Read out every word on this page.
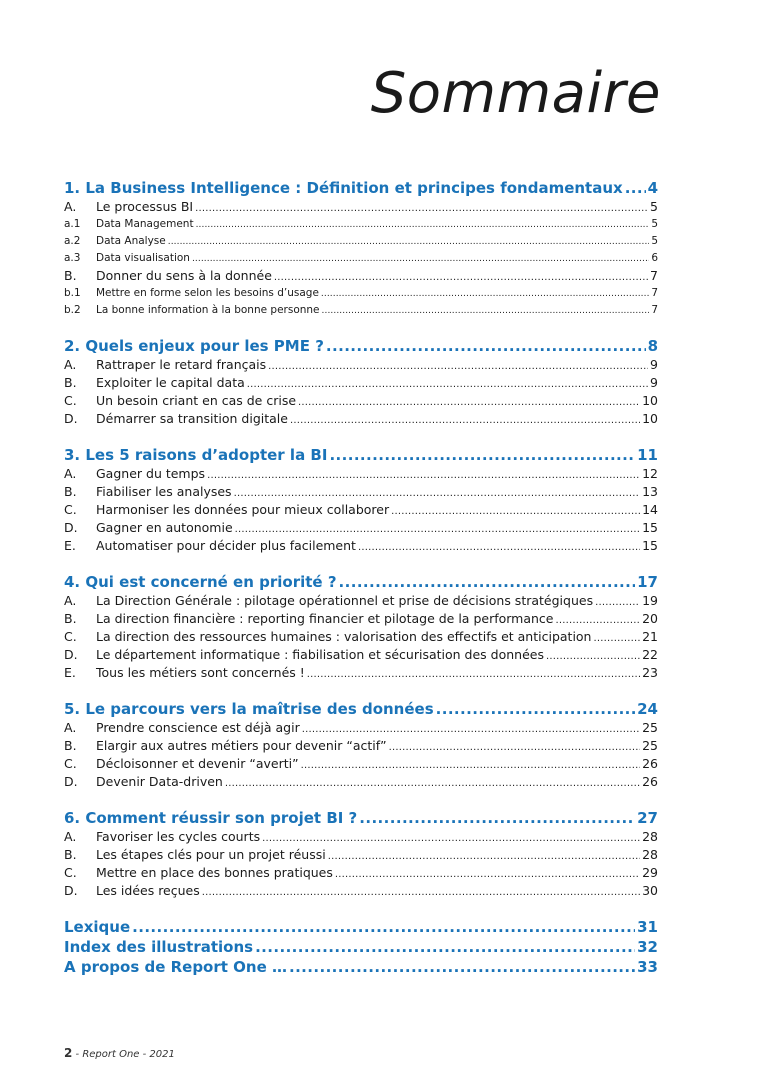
Sommaire
1. La Business Intelligence : Définition et principes fondamentaux ..... 4
A.	Le processus BI .....	5
a.1	Data Management .....	5
a.2	Data Analyse .....	5
a.3	Data visualisation .....	6
B.	Donner du sens à la donnée .....	7
b.1	Mettre en forme selon les besoins d’usage .....	7
b.2	La bonne information à la bonne personne .....	7
2. Quels enjeux pour les PME ? .....	8
A.	Rattraper le retard français .....	9
B.	Exploiter le capital data .....	9
C.	Un besoin criant en cas de crise .....	10
D.	Démarrer sa transition digitale .....	10
3. Les 5 raisons d’adopter la BI .....	11
A.	Gagner du temps .....	12
B.	Fiabiliser les analyses .....	13
C.	Harmoniser les données pour mieux collaborer .....	14
D.	Gagner en autonomie .....	15
E.	Automatiser pour décider plus facilement .....	15
4. Qui est concerné en priorité ? .....	17
A.	La Direction Générale : pilotage opérationnel et prise de décisions stratégiques .....	19
B.	La direction financière : reporting financier et pilotage de la performance .....	20
C.	La direction des ressources humaines : valorisation des effectifs et anticipation .....	21
D.	Le département informatique : fiabilisation et sécurisation des données .....	22
E.	Tous les métiers sont concernés ! .....	23
5. Le parcours vers la maîtrise des données .....	24
A.	Prendre conscience est déjà agir .....	25
B.	Elargir aux autres métiers pour devenir “actif” .....	25
C.	Décloisonner et devenir “averti” .....	26
D.	Devenir Data-driven .....	26
6. Comment réussir son projet BI ? .....	27
A.	Favoriser les cycles courts .....	28
B.	Les étapes clés pour un projet réussi .....	28
C.	Mettre en place des bonnes pratiques .....	29
D.	Les idées reçues .....	30
Lexique .....	31
Index des illustrations .....	32
A propos de Report One … .....	33
2 - Report One - 2021
